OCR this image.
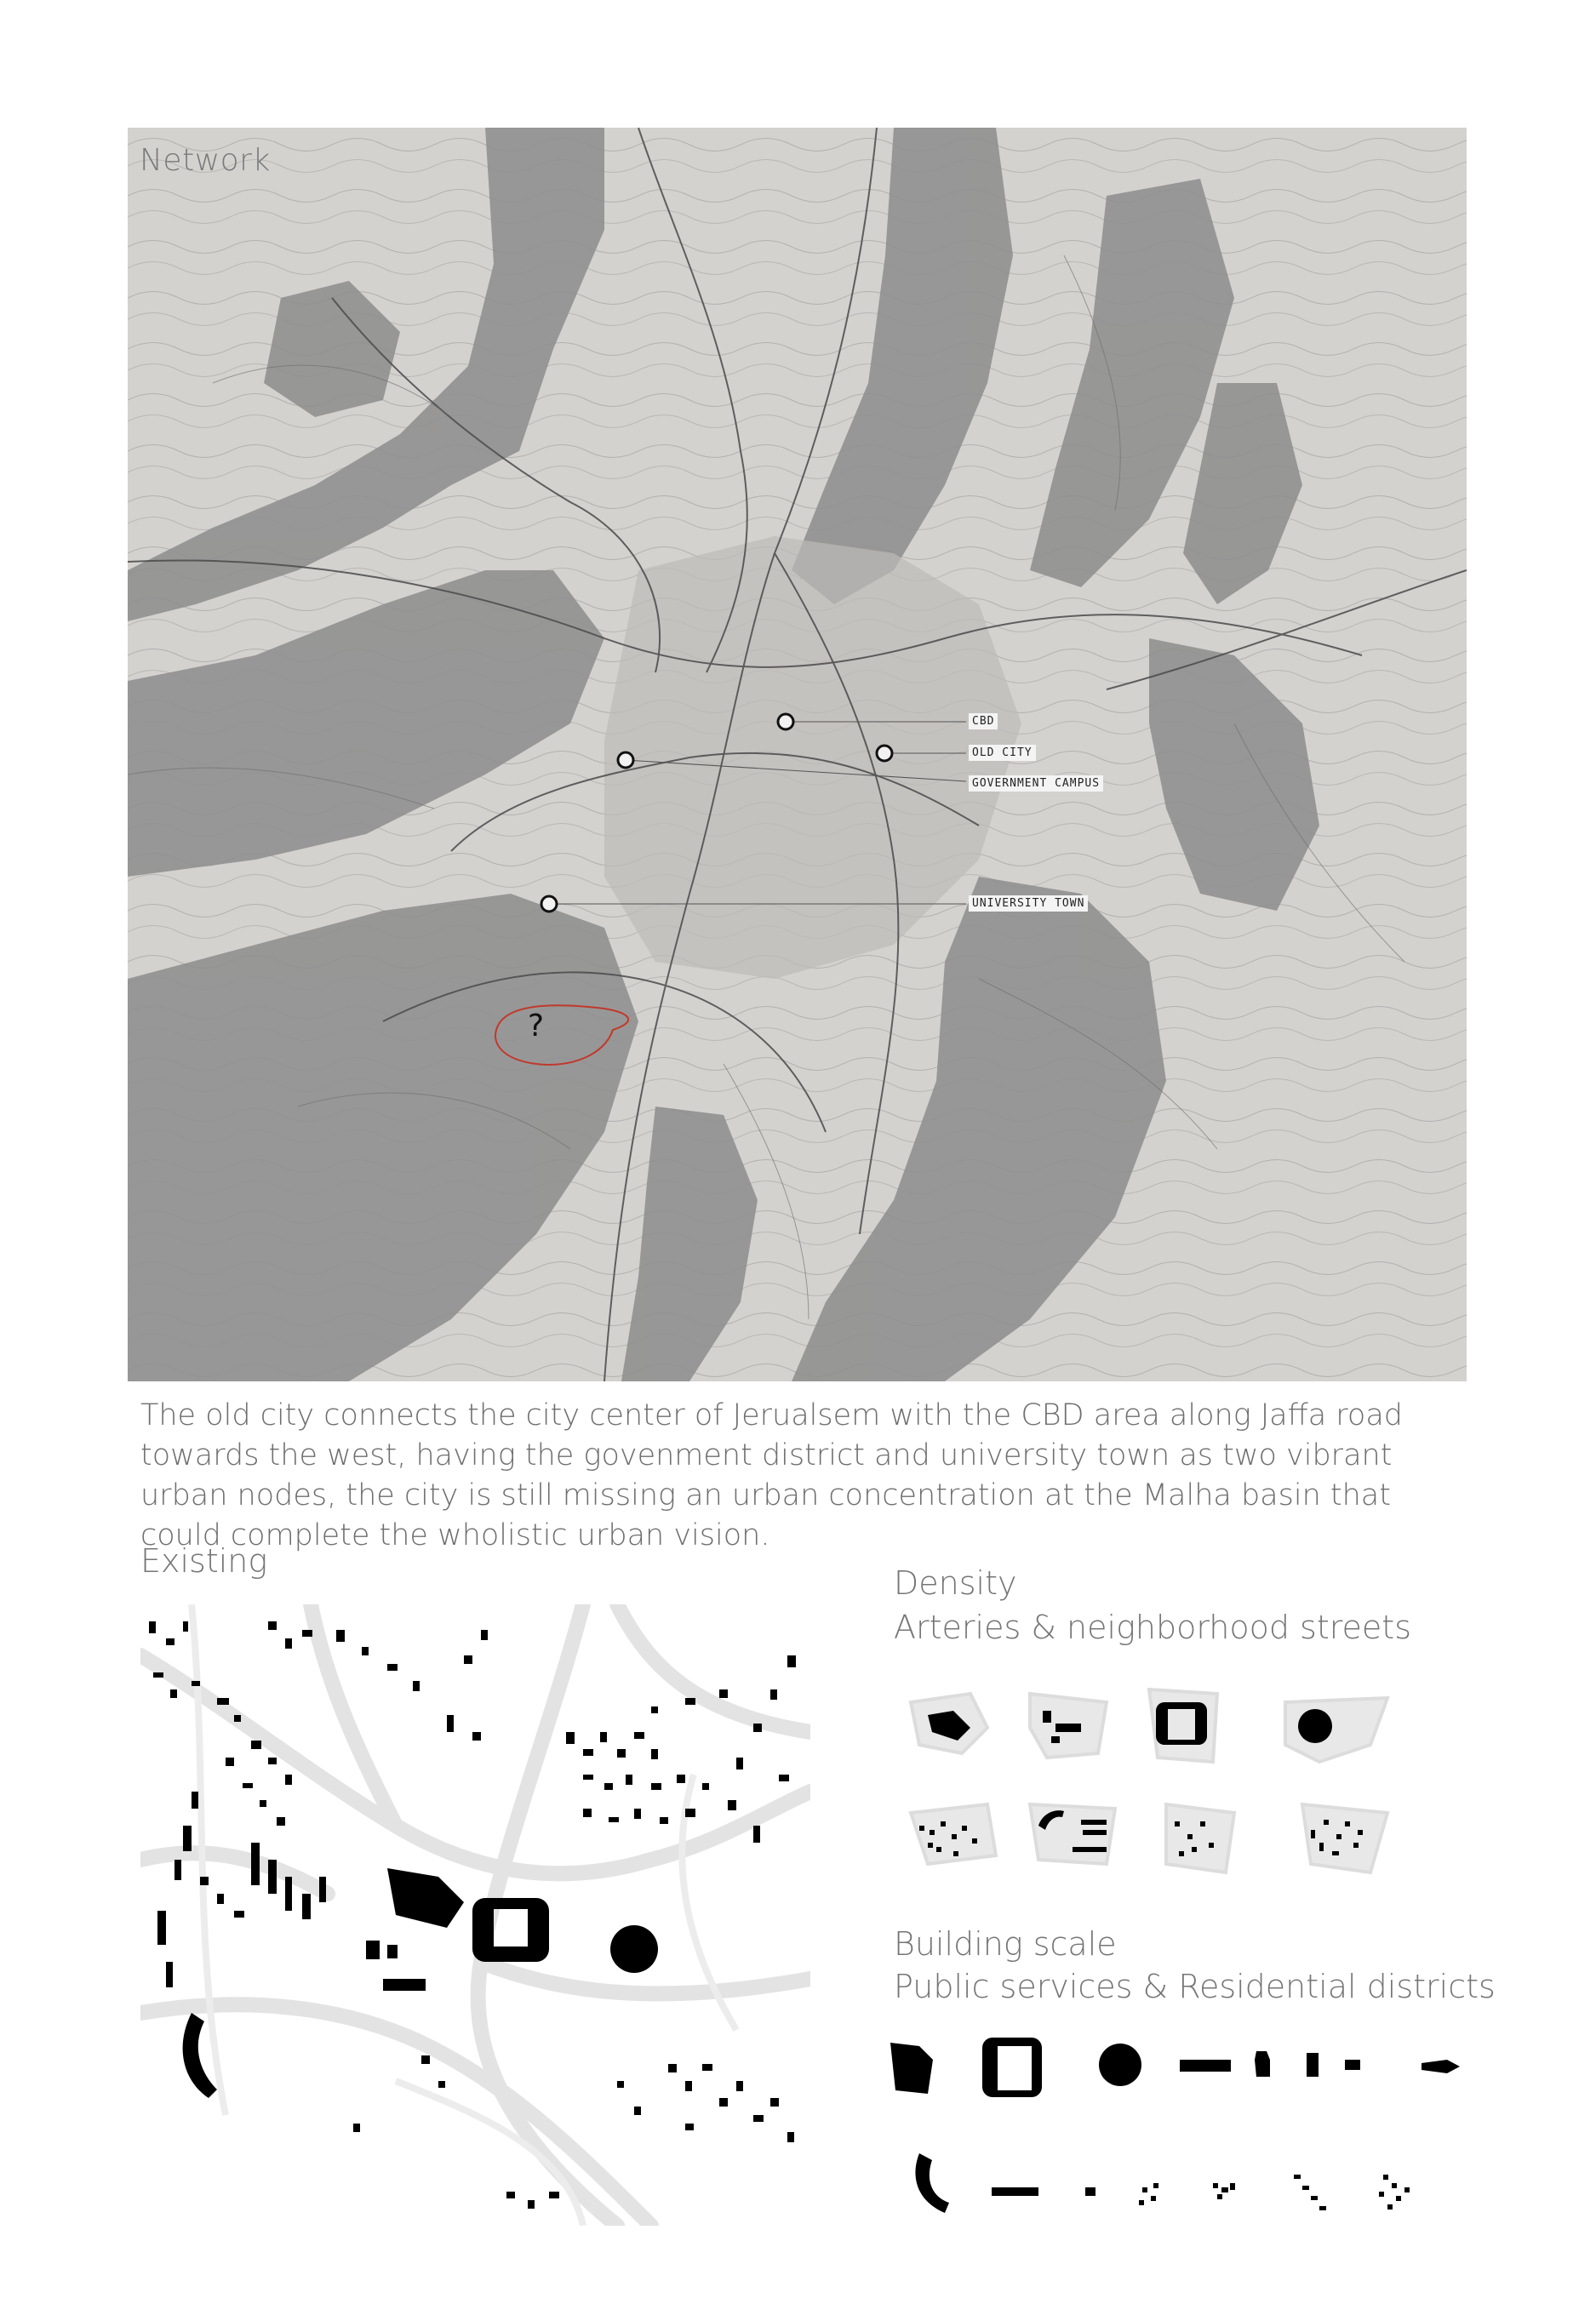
Network
CBD
OLD CITY
GOVERNMENT CAMPUS
UNIVERSITY TOWN
?
The old city connects the city center of Jerualsem with the CBD area along Jaffa road towards the west, having the govenment district and university town as two vibrant urban nodes, the city is still missing an urban concentration at the Malha basin that could complete the wholistic urban vision.
Existing
Density
Arteries & neighborhood streets
Building scale
Public services & Residential districts
